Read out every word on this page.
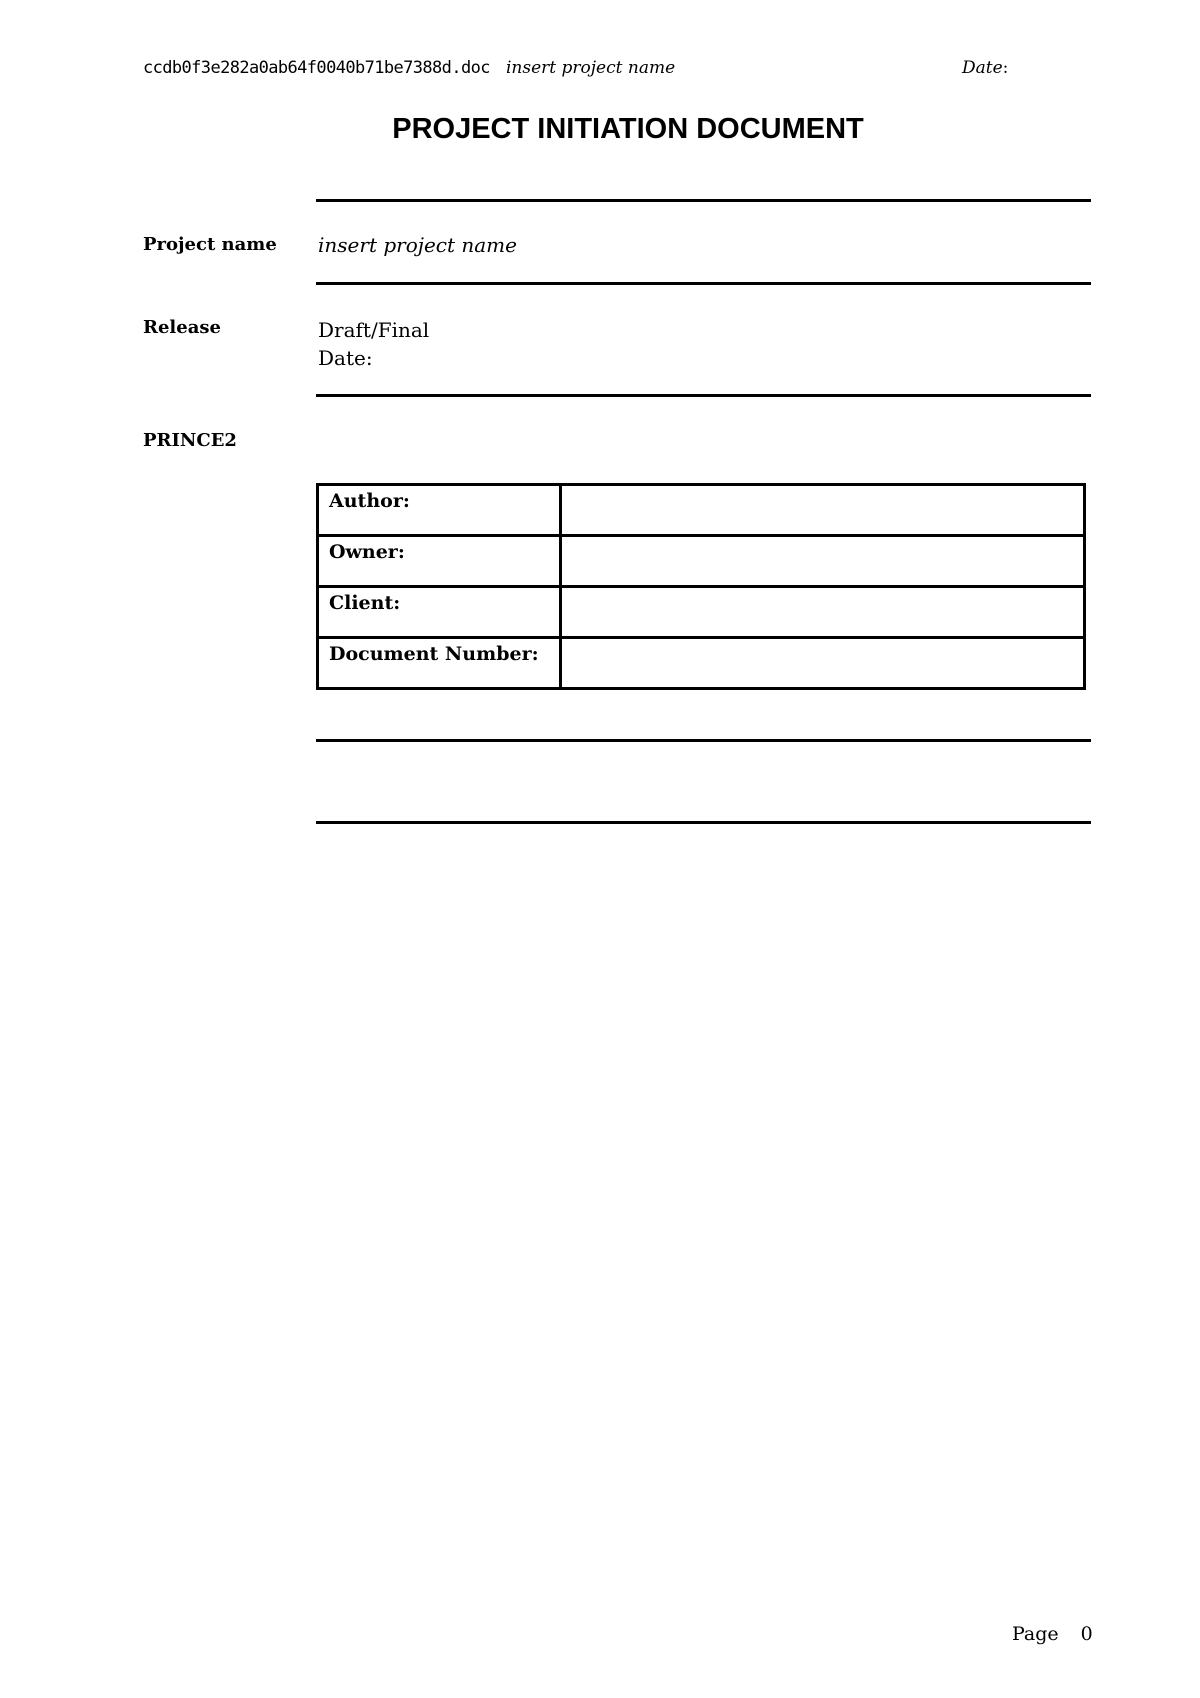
ccdb0f3e282a0ab64f0040b71be7388d.doc insert project name	Date:
PROJECT INITIATION DOCUMENT
Project name insert project name
Release	Draft/Final
Date:
PRINCE2
Author:	
Owner:	
Client:	
Document Number:	
Page 0
